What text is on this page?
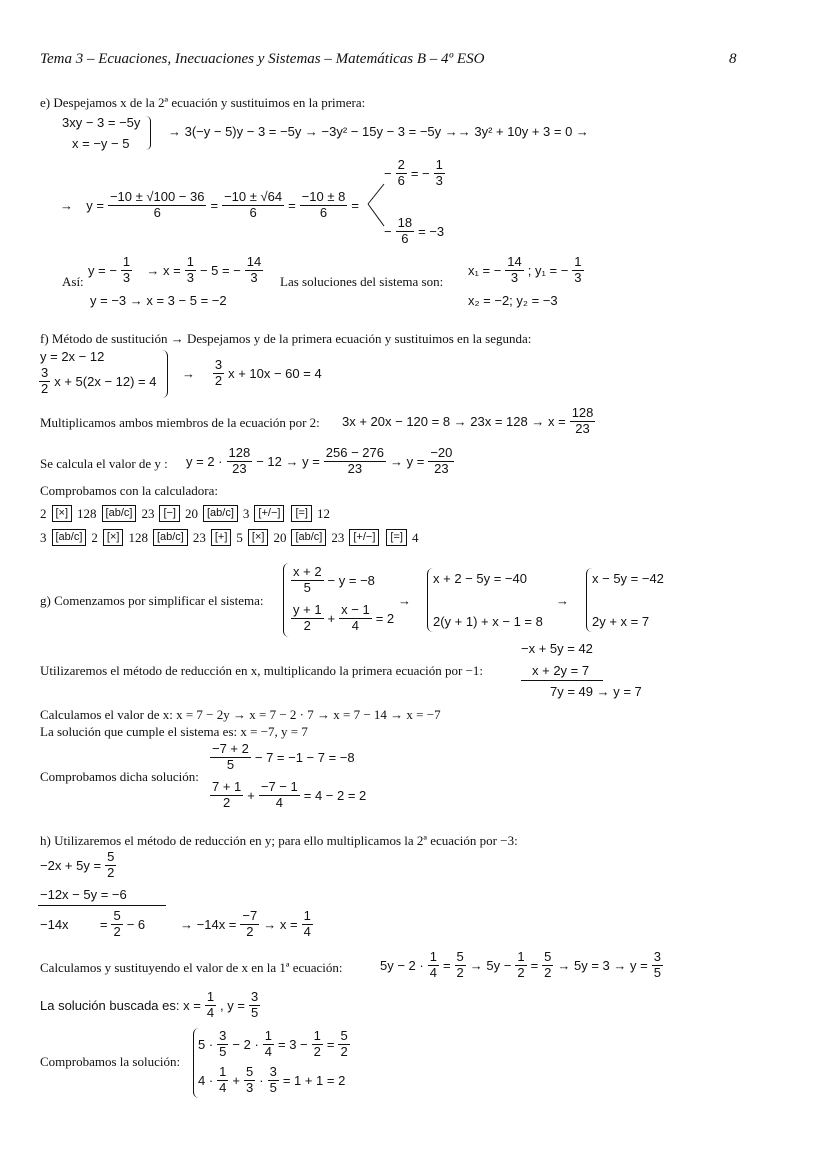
Tema 3 – Ecuaciones, Inecuaciones y Sistemas – Matemáticas B – 4º ESO	8
e) Despejamos x de la 2ª ecuación y sustituimos en la primera:
3xy − 3 = −5y
x = −y − 5
→ 3(−y − 5)y − 3 = −5y → −3y² − 15y − 3 = −5y →→ 3y² + 10y + 3 = 0 →
→
$y = \frac{-10 \pm √100 - 36}{6} = \frac{-10 \pm √64}{6} = \frac{-10 \pm 8}{6}$ =
− $\frac{2}{6}$ = − $\frac{1}{3}$
− $\frac{18}{6} = -3$
Así:
y = − $\frac{1}{3}$
→ $x = \frac{1}{3} - 5$ = − $\frac{14}{3}$
y = −3 → x = 3 − 5 = −2
Las soluciones del sistema son:
x₁ = − $\frac{14}{3}$ ; y₁ = − $\frac{1}{3}$
x₂ = −2; y₂ = −3
f) Método de sustitución → Despejamos y de la primera ecuación y sustituimos en la segunda:
y = 2x − 12
3
2 x + 5(2x − 12) = 4
→

3
2 x + 10x − 60 = 4
Multiplicamos ambos miembros de la ecuación por 2: $3x + 20x - 120 = 8 \to 23x = 128 \to x = \frac{128}{23}$
Se calcula el valor de y : y = 2 ·
128
$23 - 12 \to y = \frac{256 - 276}{23} \to y = \frac{-20}{23}$
Comprobamos con la calculadora:
2 [×] 128 [ab/c] 23 [−] 20 [ab/c] 3 [+/−]	[=] 12
3 [ab/c] 2 [×] 128 [ab/c] 23 [+] 5 [×] 20 [ab/c] 23 [+/−]	[=] 4
g) Comenzamos por simplificar el sistema:
x + 2
5 − y = −8
y + 1
$2 + \frac{x - 1}{4} = 2$
→
x + 2 − 5y = −40
2(y + 1) + x − 1 = 8
→
x − 5y = −42
2y + x = 7
−x + 5y = 42
Utilizaremos el método de reducción en x, multiplicando la primera ecuación por −1:	x + 2y = 7
7y = 49 → y = 7
Calculamos el valor de x: x = 7 − 2y → x = 7 − 2 · 7 → x = 7 − 14 → x = −7
La solución que cumple el sistema es: x = −7, y = 7
Comprobamos dicha solución:
−7 + 2
5 − 7 = −1 − 7 = −8
7 + 1
$2 + \frac{-7 - 1}{4} = 4 - 2 = 2$
h) Utilizaremos el método de reducción en y; para ello multiplicamos la 2ª ecuación por −3:
$-2x + 5y = \frac{5}{2}$
−12x − 5y = −6
−14x
= $\frac{5}{2} - 6$
	→ $-14x = \frac{-7}{2} \to x = \frac{1}{4}$
Calculamos y sustituyendo el valor de x en la 1ª ecuación:	$5y - 2 \cdot \frac{1}{4} = \frac{5}{2} \to 5y - \frac{1}{2} = \frac{5}{2} \to 5y = 3 \to y = \frac{3}{5}$
La solución buscada es: $x = \frac{1}{4}$ , $y = \frac{3}{5}$
Comprobamos la solución:
5 ·
3
$5 - 2 \cdot \frac{1}{4} = 3 - \frac{1}{2} = \frac{5}{2}$
4 ·
1
$4 + \frac{5}{3} \cdot \frac{3}{5} = 1 + 1 = 2$
